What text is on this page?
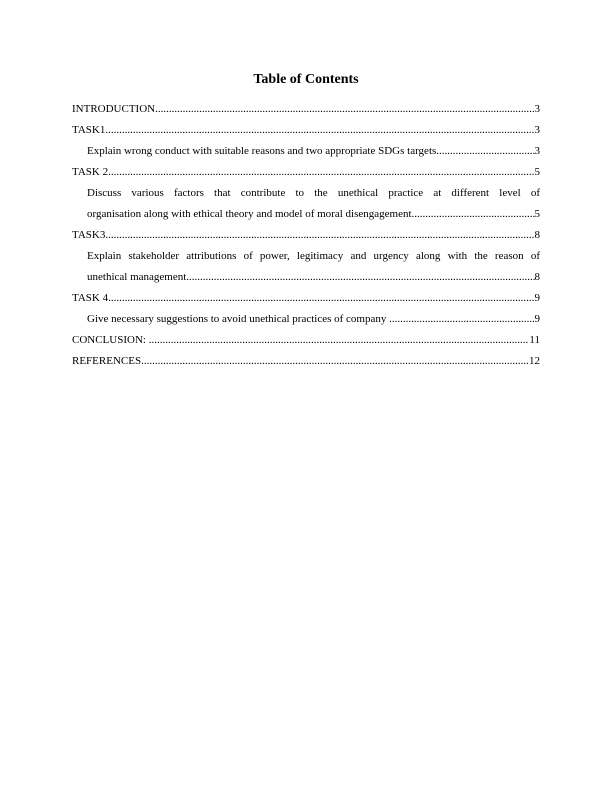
Table of Contents
INTRODUCTION .....	3
TASK1 .....	3
Explain wrong conduct with suitable reasons and two appropriate SDGs targets .....	3
TASK 2 .....	5
Discuss various factors that contribute to the unethical practice at different level of
organisation along with ethical theory and model of moral disengagement .....	5
TASK3 .....	8
Explain stakeholder attributions of power, legitimacy and urgency along with the reason of
unethical management .....	8
TASK 4 .....	9
Give necessary suggestions to avoid unethical practices of company .....	9
CONCLUSION: .....	11
REFERENCES .....	12
